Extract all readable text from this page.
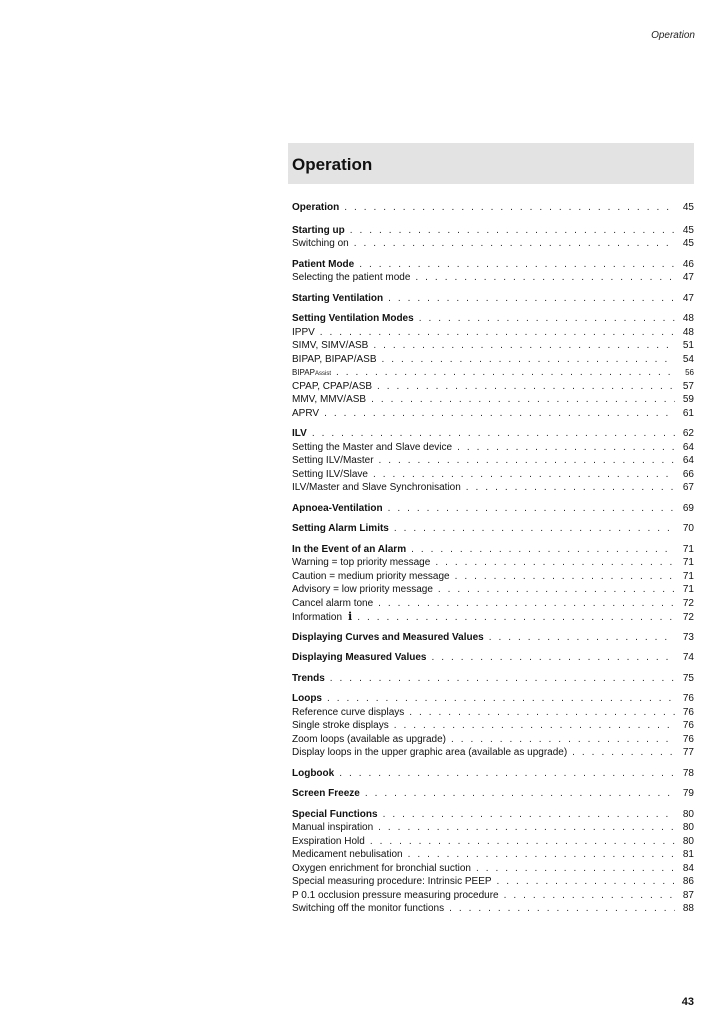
Operation
Operation
Operation . . .	45
Starting up . . .	45
Switching on . . .	45
Patient Mode . . .	46
Selecting the patient mode . . .	47
Starting Ventilation . . .	47
Setting Ventilation Modes . . .	48
IPPV . . .	48
SIMV, SIMV/ASB . . .	51
BIPAP, BIPAP/ASB . . .	54
BIPAPAssist . . .	56
CPAP, CPAP/ASB . . .	57
MMV, MMV/ASB . . .	59
APRV . . .	61
ILV . . .	62
Setting the Master and Slave device . . .	64
Setting ILV/Master . . .	64
Setting ILV/Slave . . .	66
ILV/Master and Slave Synchronisation . . .	67
Apnoea-Ventilation . . .	69
Setting Alarm Limits . . .	70
In the Event of an Alarm . . .	71
Warning = top priority message . . .	71
Caution = medium priority message . . .	71
Advisory = low priority message . . .	71
Cancel alarm tone . . .	72
Information i . . .	72
Displaying Curves and Measured Values . . .	73
Displaying Measured Values . . .	74
Trends . . .	75
Loops . . .	76
Reference curve displays . . .	76
Single stroke displays . . .	76
Zoom loops (available as upgrade) . . .	76
Display loops in the upper graphic area (available as upgrade) . . .	77
Logbook . . .	78
Screen Freeze . . .	79
Special Functions . . .	80
Manual inspiration . . .	80
Exspiration Hold . . .	80
Medicament nebulisation . . .	81
Oxygen enrichment for bronchial suction . . .	84
Special measuring procedure: Intrinsic PEEP . . .	86
P 0.1 occlusion pressure measuring procedure . . .	87
Switching off the monitor functions . . .	88
43
